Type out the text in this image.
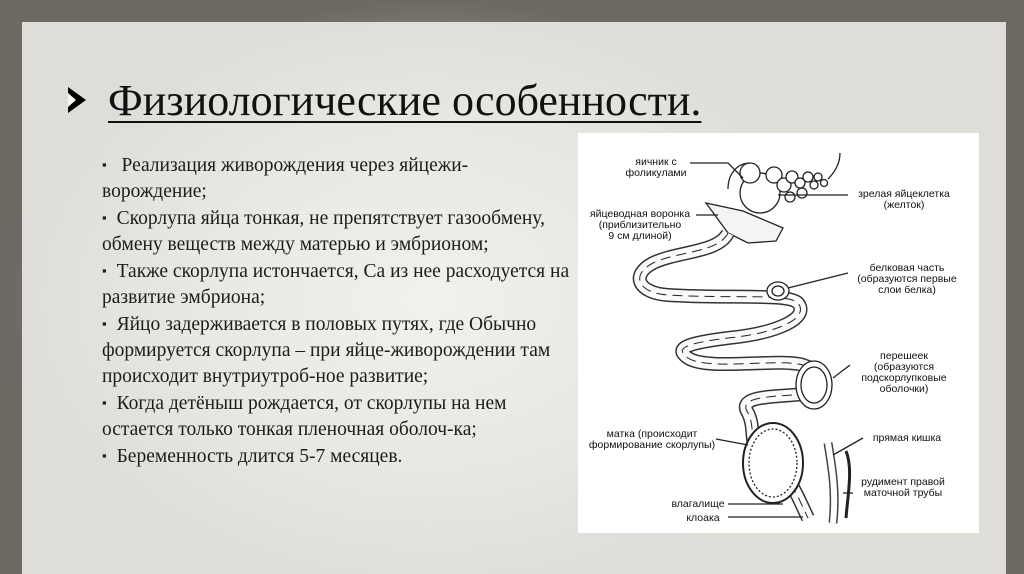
Физиологические особенности.

▪ Реализация живорождения через яйцежи-ворождение;

▪ Скорлупа яйца тонкая, не препятствует газообмену, обмену веществ между матерью и эмбрионом;

▪ Также скорлупа истончается, Ca из нее расходуется на развитие эмбриона;

▪ Яйцо задерживается в половых путях, где Обычно формируется скорлупа – при яйце-живорождении там происходит внутриутроб-ное развитие;

▪ Когда детёныш рождается, от скорлупы на нем остается только тонкая пленочная оболоч-ка;

▪ Беременность длится 5-7 месяцев.

яичник с
фоликулами
яйцеводная воронка
(приблизительно
9 см длиной)
зрелая яйцеклетка
(желток)
белковая часть
(образуются первые
слои белка)
перешеек
(образуются
подскорлупковые
оболочки)
матка (происходит
формирование скорлупы)
прямая кишка
рудимент правой
маточной трубы
влагалище
клоака
